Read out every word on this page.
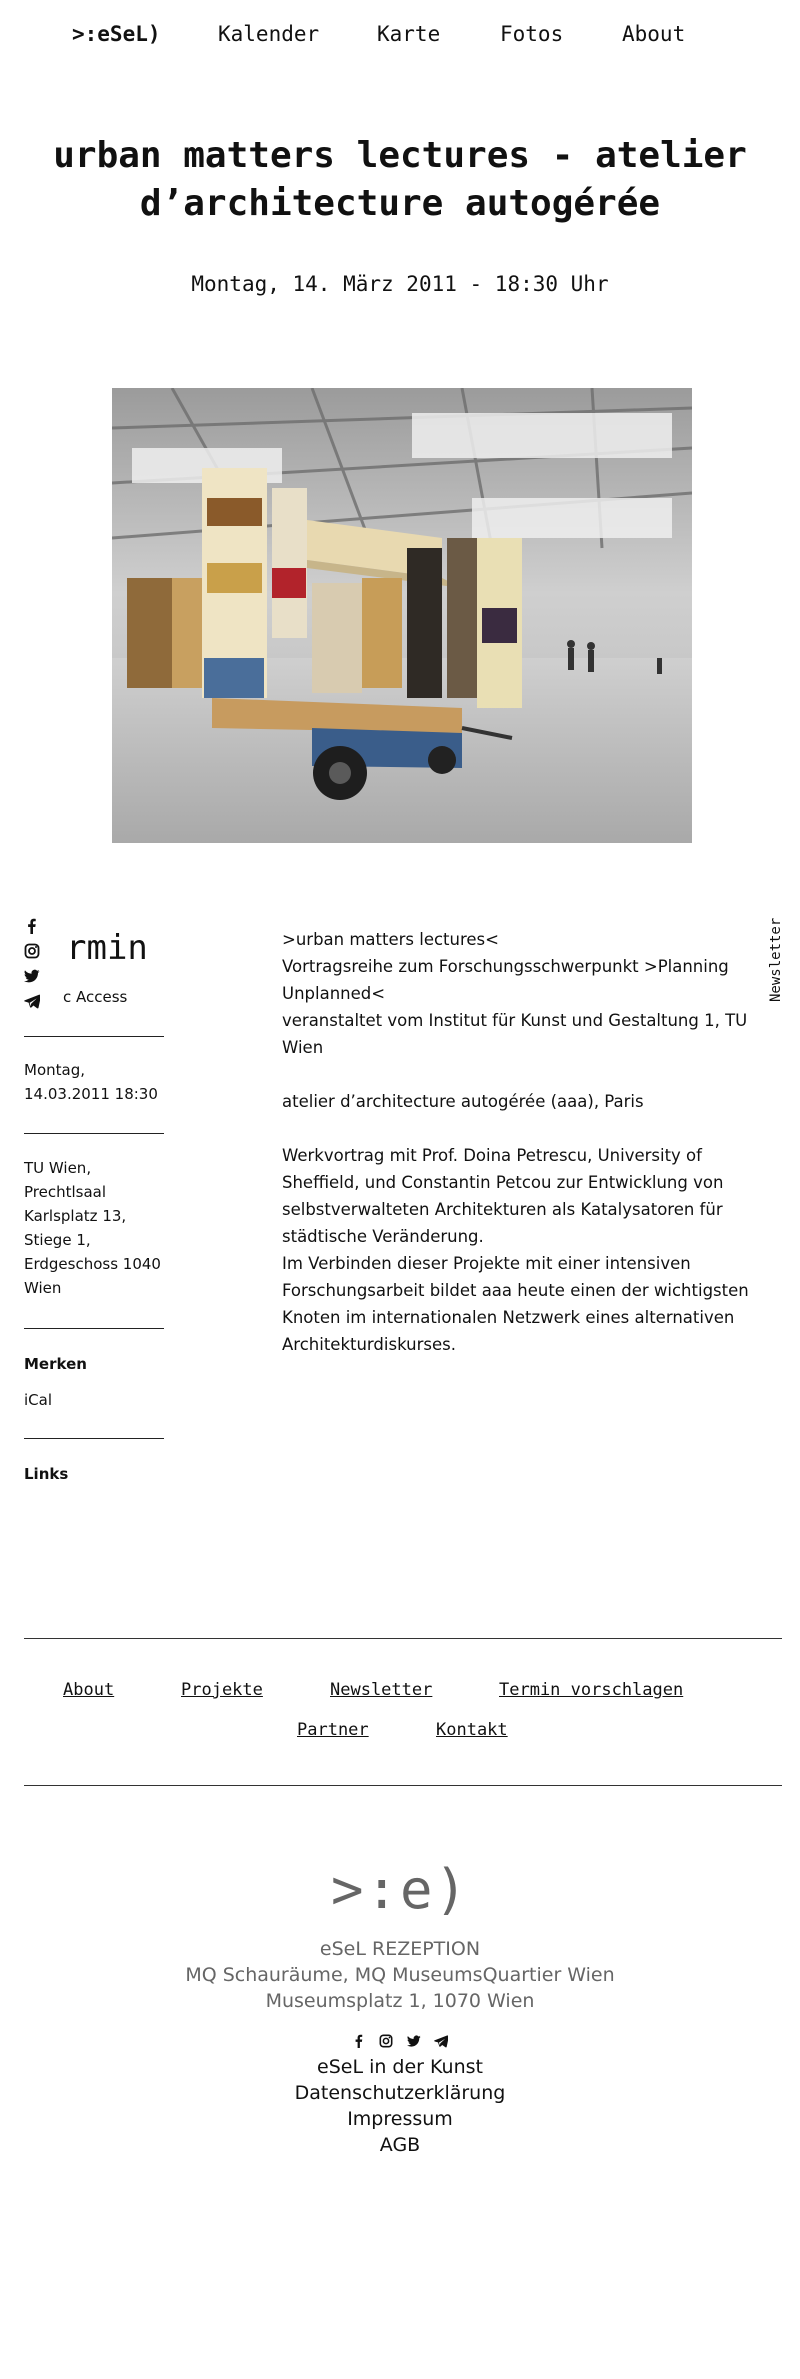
>:eSeL)	Kalender	Karte	Fotos	About
urban matters lectures - atelier
d’architecture autogérée
Montag, 14. März 2011 - 18:30 Uhr
rmin
c Access
Montag,
14.03.2011 18:30
TU Wien,
Prechtlsaal
Karlsplatz 13,
Stiege 1,
Erdgeschoss 1040
Wien
Merken
iCal
Links

>urban matters lectures<

Vortragsreihe zum Forschungsschwerpunkt >Planning Unplanned<

veranstaltet vom Institut für Kunst und Gestaltung 1, TU Wien

atelier d’architecture autogérée (aaa), Paris

Werkvortrag mit Prof. Doina Petrescu, University of Sheffield, und Constantin Petcou zur Entwicklung von selbstverwalteten Architekturen als Katalysatoren für städtische Veränderung.

Im Verbinden dieser Projekte mit einer intensiven Forschungsarbeit bildet aaa heute einen der wichtigsten Knoten im internationalen Netzwerk eines alternativen Architekturdiskurses.

Newsletter
About	Projekte	Newsletter	Termin vorschlagen
Partner	Kontakt
>:e)
eSeL REZEPTION
MQ Schauräume, MQ MuseumsQuartier Wien
Museumsplatz 1, 1070 Wien

eSeL in der Kunst
Datenschutzerklärung
Impressum
AGB
